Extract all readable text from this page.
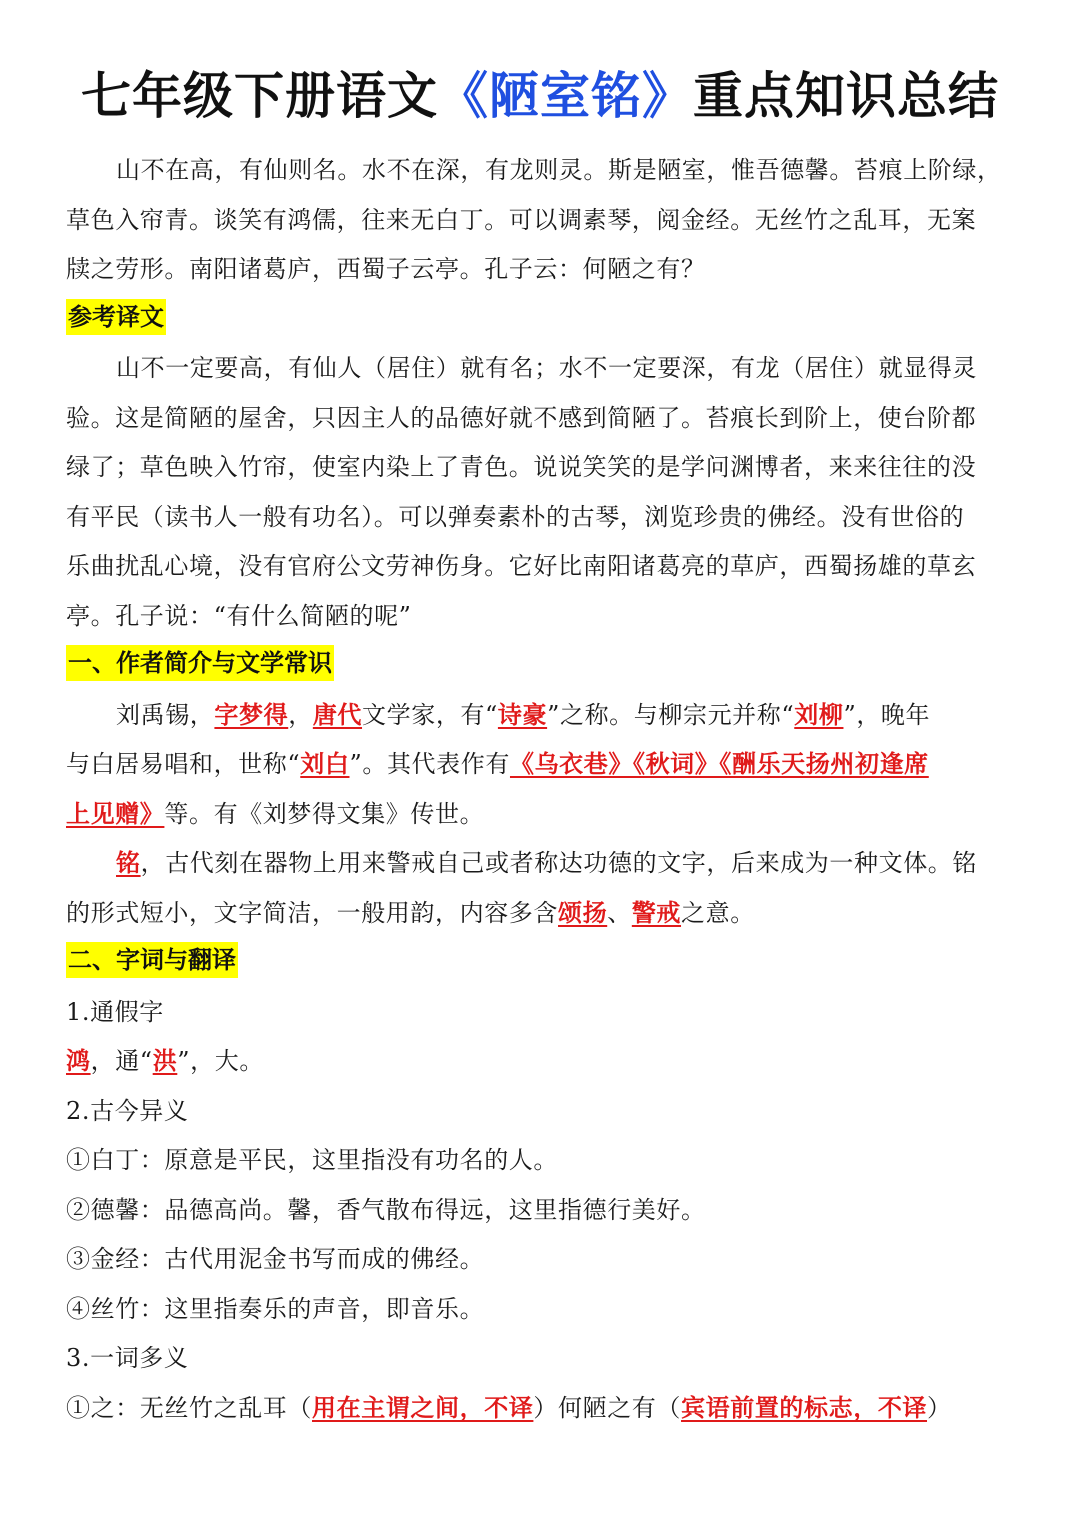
七年级下册语文《陋室铭》重点知识总结

山不在高，有仙则名。水不在深，有龙则灵。斯是陋室，惟吾德馨。苔痕上阶绿，

草色入帘青。谈笑有鸿儒，往来无白丁。可以调素琴，阅金经。无丝竹之乱耳，无案

牍之劳形。南阳诸葛庐，西蜀子云亭。孔子云：何陋之有？

参考译文

山不一定要高，有仙人（居住）就有名；水不一定要深，有龙（居住）就显得灵

验。这是简陋的屋舍，只因主人的品德好就不感到简陋了。苔痕长到阶上，使台阶都

绿了；草色映入竹帘，使室内染上了青色。说说笑笑的是学问渊博者，来来往往的没

有平民（读书人一般有功名）。可以弹奏素朴的古琴，浏览珍贵的佛经。没有世俗的

乐曲扰乱心境，没有官府公文劳神伤身。它好比南阳诸葛亮的草庐，西蜀扬雄的草玄

亭。孔子说：“有什么简陋的呢”

一、作者简介与文学常识

刘禹锡，字梦得，唐代文学家，有“诗豪”之称。与柳宗元并称“刘柳”，晚年

与白居易唱和，世称“刘白”。其代表作有《乌衣巷》《秋词》《酬乐天扬州初逢席

上见赠》等。有《刘梦得文集》传世。

铭，古代刻在器物上用来警戒自己或者称达功德的文字，后来成为一种文体。铭

的形式短小，文字简洁，一般用韵，内容多含颂扬、警戒之意。

二、字词与翻译

1.通假字

鸿，通“洪”，大。

2.古今异义

①白丁：原意是平民，这里指没有功名的人。

②德馨：品德高尚。馨，香气散布得远，这里指德行美好。

③金经：古代用泥金书写而成的佛经。

④丝竹：这里指奏乐的声音，即音乐。

3.一词多义

①之：无丝竹之乱耳（用在主谓之间，不译）何陋之有（宾语前置的标志，不译）
